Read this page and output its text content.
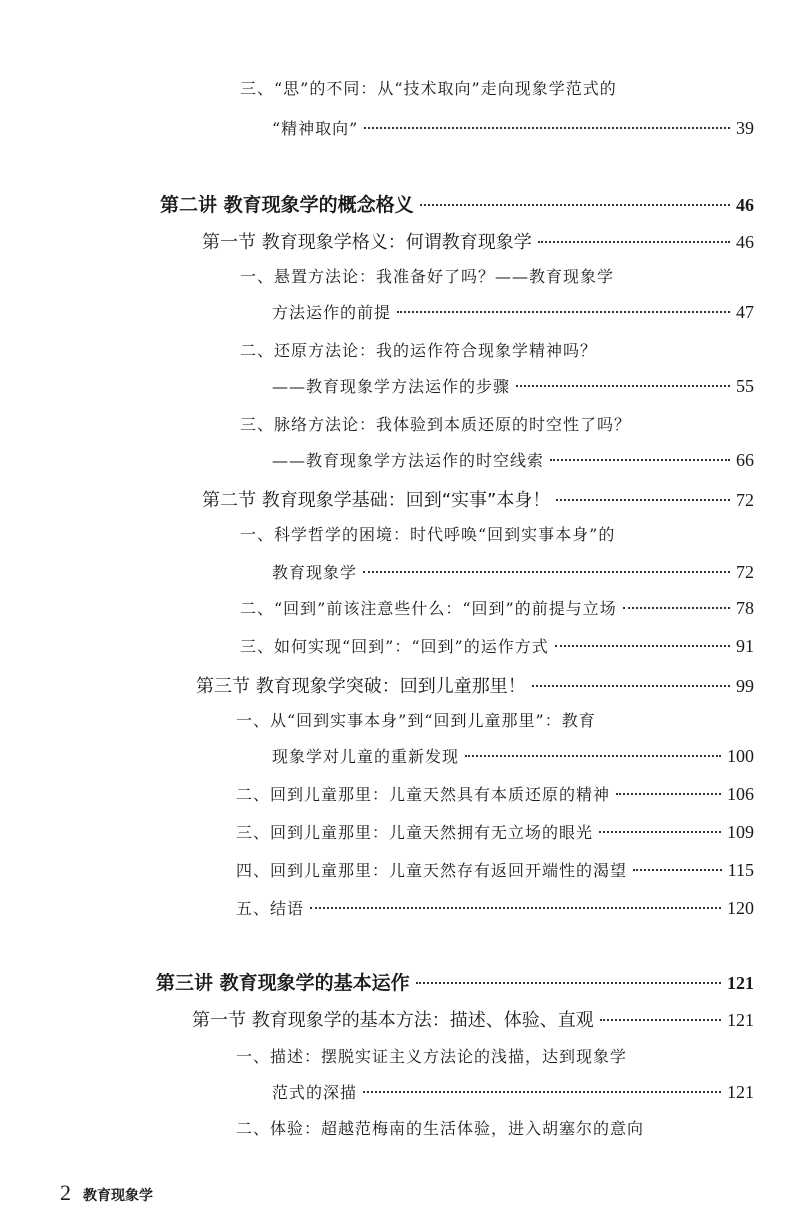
三、“思”的不同：从“技术取向”走向现象学范式的
“精神取向”	39
第二讲 教育现象学的概念格义	46
第一节 教育现象学格义：何谓教育现象学	46
一、悬置方法论：我准备好了吗？——教育现象学
方法运作的前提	47
二、还原方法论：我的运作符合现象学精神吗？
——教育现象学方法运作的步骤	55
三、脉络方法论：我体验到本质还原的时空性了吗？
——教育现象学方法运作的时空线索	66
第二节 教育现象学基础：回到“实事”本身！	72
一、科学哲学的困境：时代呼唤“回到实事本身”的
教育现象学	72
二、“回到”前该注意些什么：“回到”的前提与立场	78
三、如何实现“回到”：“回到”的运作方式	91
第三节 教育现象学突破：回到儿童那里！	99
一、从“回到实事本身”到“回到儿童那里”：教育
现象学对儿童的重新发现	100
二、回到儿童那里：儿童天然具有本质还原的精神	106
三、回到儿童那里：儿童天然拥有无立场的眼光	109
四、回到儿童那里：儿童天然存有返回开端性的渴望	115
五、结语	120
第三讲 教育现象学的基本运作	121
第一节 教育现象学的基本方法：描述、体验、直观	121
一、描述：摆脱实证主义方法论的浅描，达到现象学
范式的深描	121
二、体验：超越范梅南的生活体验，进入胡塞尔的意向
2 教育现象学
